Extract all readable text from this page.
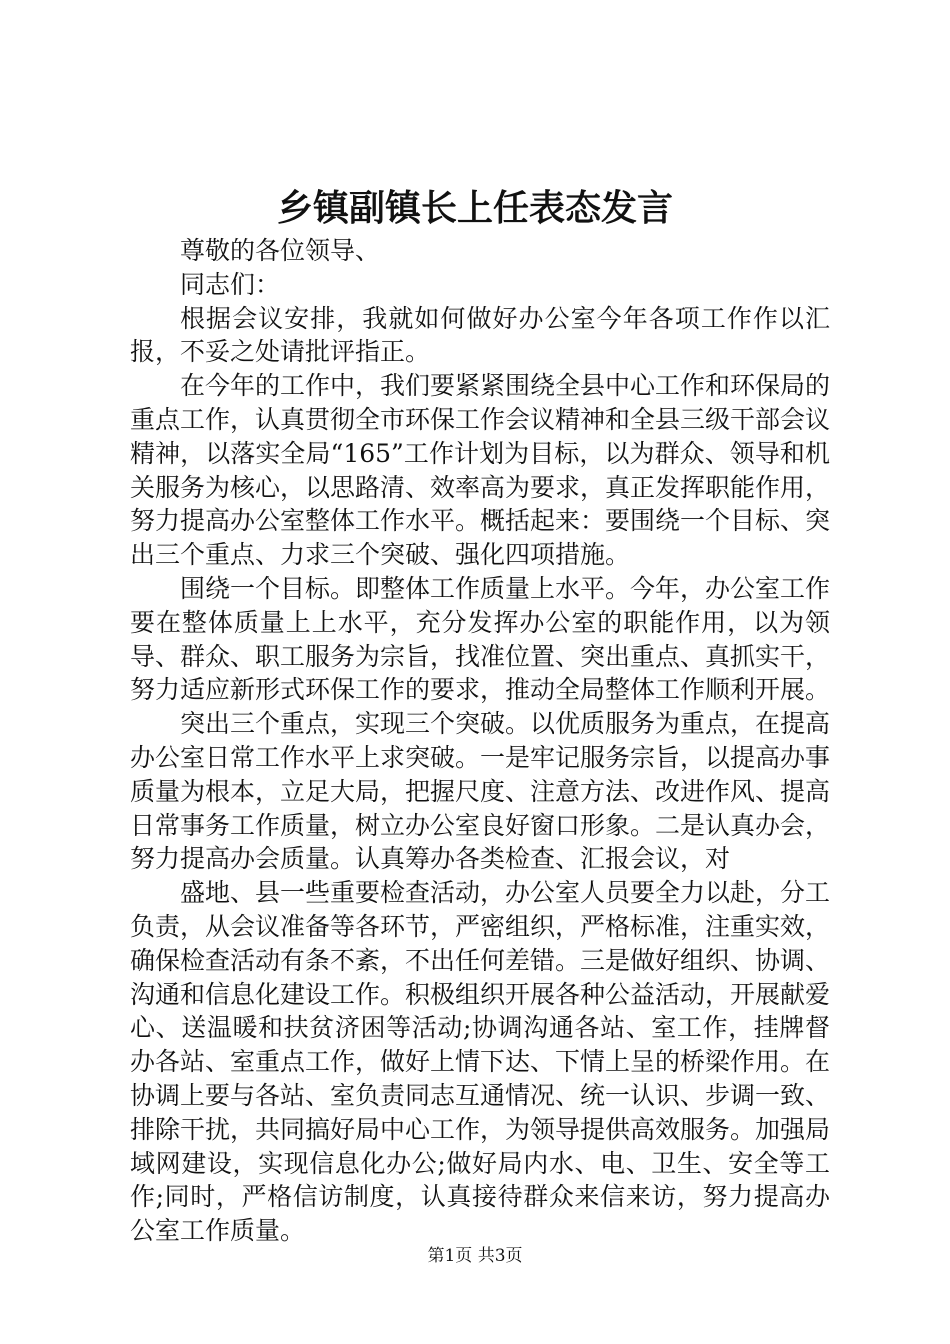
乡镇副镇长上任表态发言

尊敬的各位领导、

同志们：

根据会议安排，我就如何做好办公室今年各项工作作以汇报，不妥之处请批评指正。

在今年的工作中，我们要紧紧围绕全县中心工作和环保局的重点工作，认真贯彻全市环保工作会议精神和全县三级干部会议精神，以落实全局“165”工作计划为目标，以为群众、领导和机关服务为核心，以思路清、效率高为要求，真正发挥职能作用，努力提高办公室整体工作水平。概括起来：要围绕一个目标、突出三个重点、力求三个突破、强化四项措施。

围绕一个目标。即整体工作质量上水平。今年，办公室工作要在整体质量上上水平，充分发挥办公室的职能作用，以为领导、群众、职工服务为宗旨，找准位置、突出重点、真抓实干，努力适应新形式环保工作的要求，推动全局整体工作顺利开展。

突出三个重点，实现三个突破。以优质服务为重点，在提高办公室日常工作水平上求突破。一是牢记服务宗旨，以提高办事质量为根本，立足大局，把握尺度、注意方法、改进作风、提高日常事务工作质量，树立办公室良好窗口形象。二是认真办会，努力提高办会质量。认真筹办各类检查、汇报会议，对

盛地、县一些重要检查活动，办公室人员要全力以赴，分工负责，从会议准备等各环节，严密组织，严格标准，注重实效，确保检查活动有条不紊，不出任何差错。三是做好组织、协调、沟通和信息化建设工作。积极组织开展各种公益活动，开展献爱心、送温暖和扶贫济困等活动;协调沟通各站、室工作，挂牌督办各站、室重点工作，做好上情下达、下情上呈的桥梁作用。在协调上要与各站、室负责同志互通情况、统一认识、步调一致、排除干扰，共同搞好局中心工作，为领导提供高效服务。加强局域网建设，实现信息化办公;做好局内水、电、卫生、安全等工作;同时，严格信访制度，认真接待群众来信来访，努力提高办公室工作质量。

第1页 共3页
